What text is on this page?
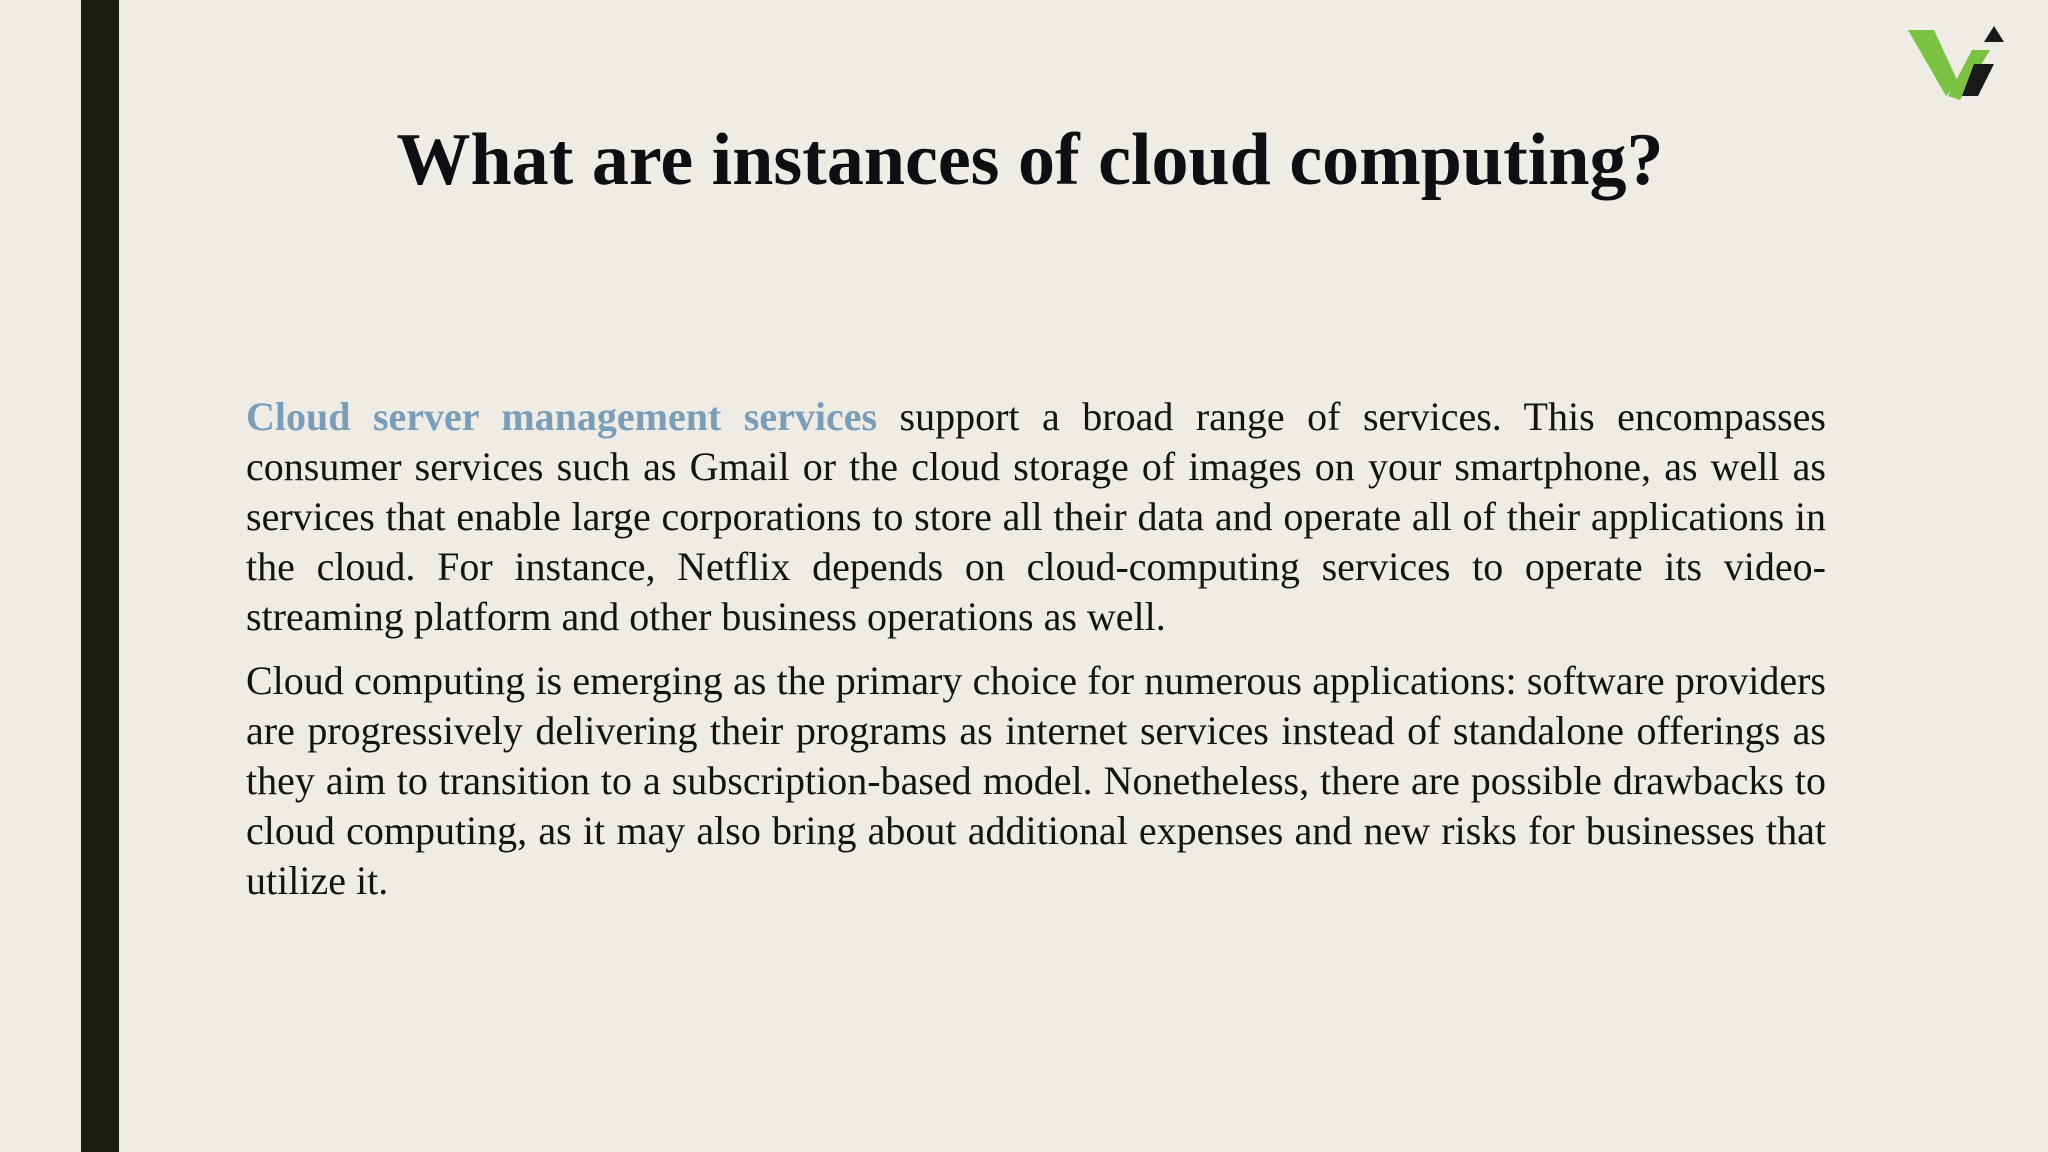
What are instances of cloud computing?

Cloud server management services support a broad range of services. This encompasses consumer services such as Gmail or the cloud storage of images on your smartphone, as well as services that enable large corporations to store all their data and operate all of their applications in the cloud. For instance, Netflix depends on cloud-computing services to operate its video-streaming platform and other business operations as well.

Cloud computing is emerging as the primary choice for numerous applications: software providers are progressively delivering their programs as internet services instead of standalone offerings as they aim to transition to a subscription-based model. Nonetheless, there are possible drawbacks to cloud computing, as it may also bring about additional expenses and new risks for businesses that utilize it.
